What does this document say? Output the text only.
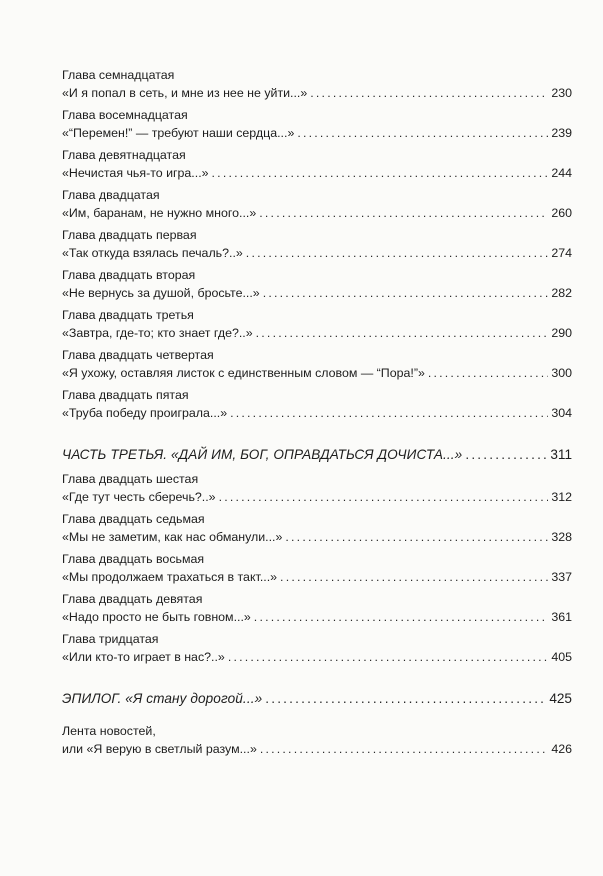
Глава семнадцатая
«И я попал в сеть, и мне из нее не уйти...» .....	230
Глава восемнадцатая
«“Перемен!” — требуют наши сердца...» .....	239
Глава девятнадцатая
«Нечистая чья-то игра...» .....	244
Глава двадцатая
«Им, баранам, не нужно много...» .....	260
Глава двадцать первая
«Так откуда взялась печаль?..» .....	274
Глава двадцать вторая
«Не вернусь за душой, бросьте...» .....	282
Глава двадцать третья
«Завтра, где-то; кто знает где?..» .....	290
Глава двадцать четвертая
«Я ухожу, оставляя листок с единственным словом — “Пора!”» .....	300
Глава двадцать пятая
«Труба победу проиграла...» .....	304
ЧАСТЬ ТРЕТЬЯ. «ДАЙ ИМ, БОГ, ОПРАВДАТЬСЯ ДОЧИСТА...» .....	311
Глава двадцать шестая
«Где тут честь сберечь?..» .....	312
Глава двадцать седьмая
«Мы не заметим, как нас обманули...» .....	328
Глава двадцать восьмая
«Мы продолжаем трахаться в такт...» .....	337
Глава двадцать девятая
«Надо просто не быть говном...» .....	361
Глава тридцатая
«Или кто-то играет в нас?..» .....	405
ЭПИЛОГ. «Я стану дорогой...» .....	425
Лента новостей,
или «Я верую в светлый разум...» .....	426
